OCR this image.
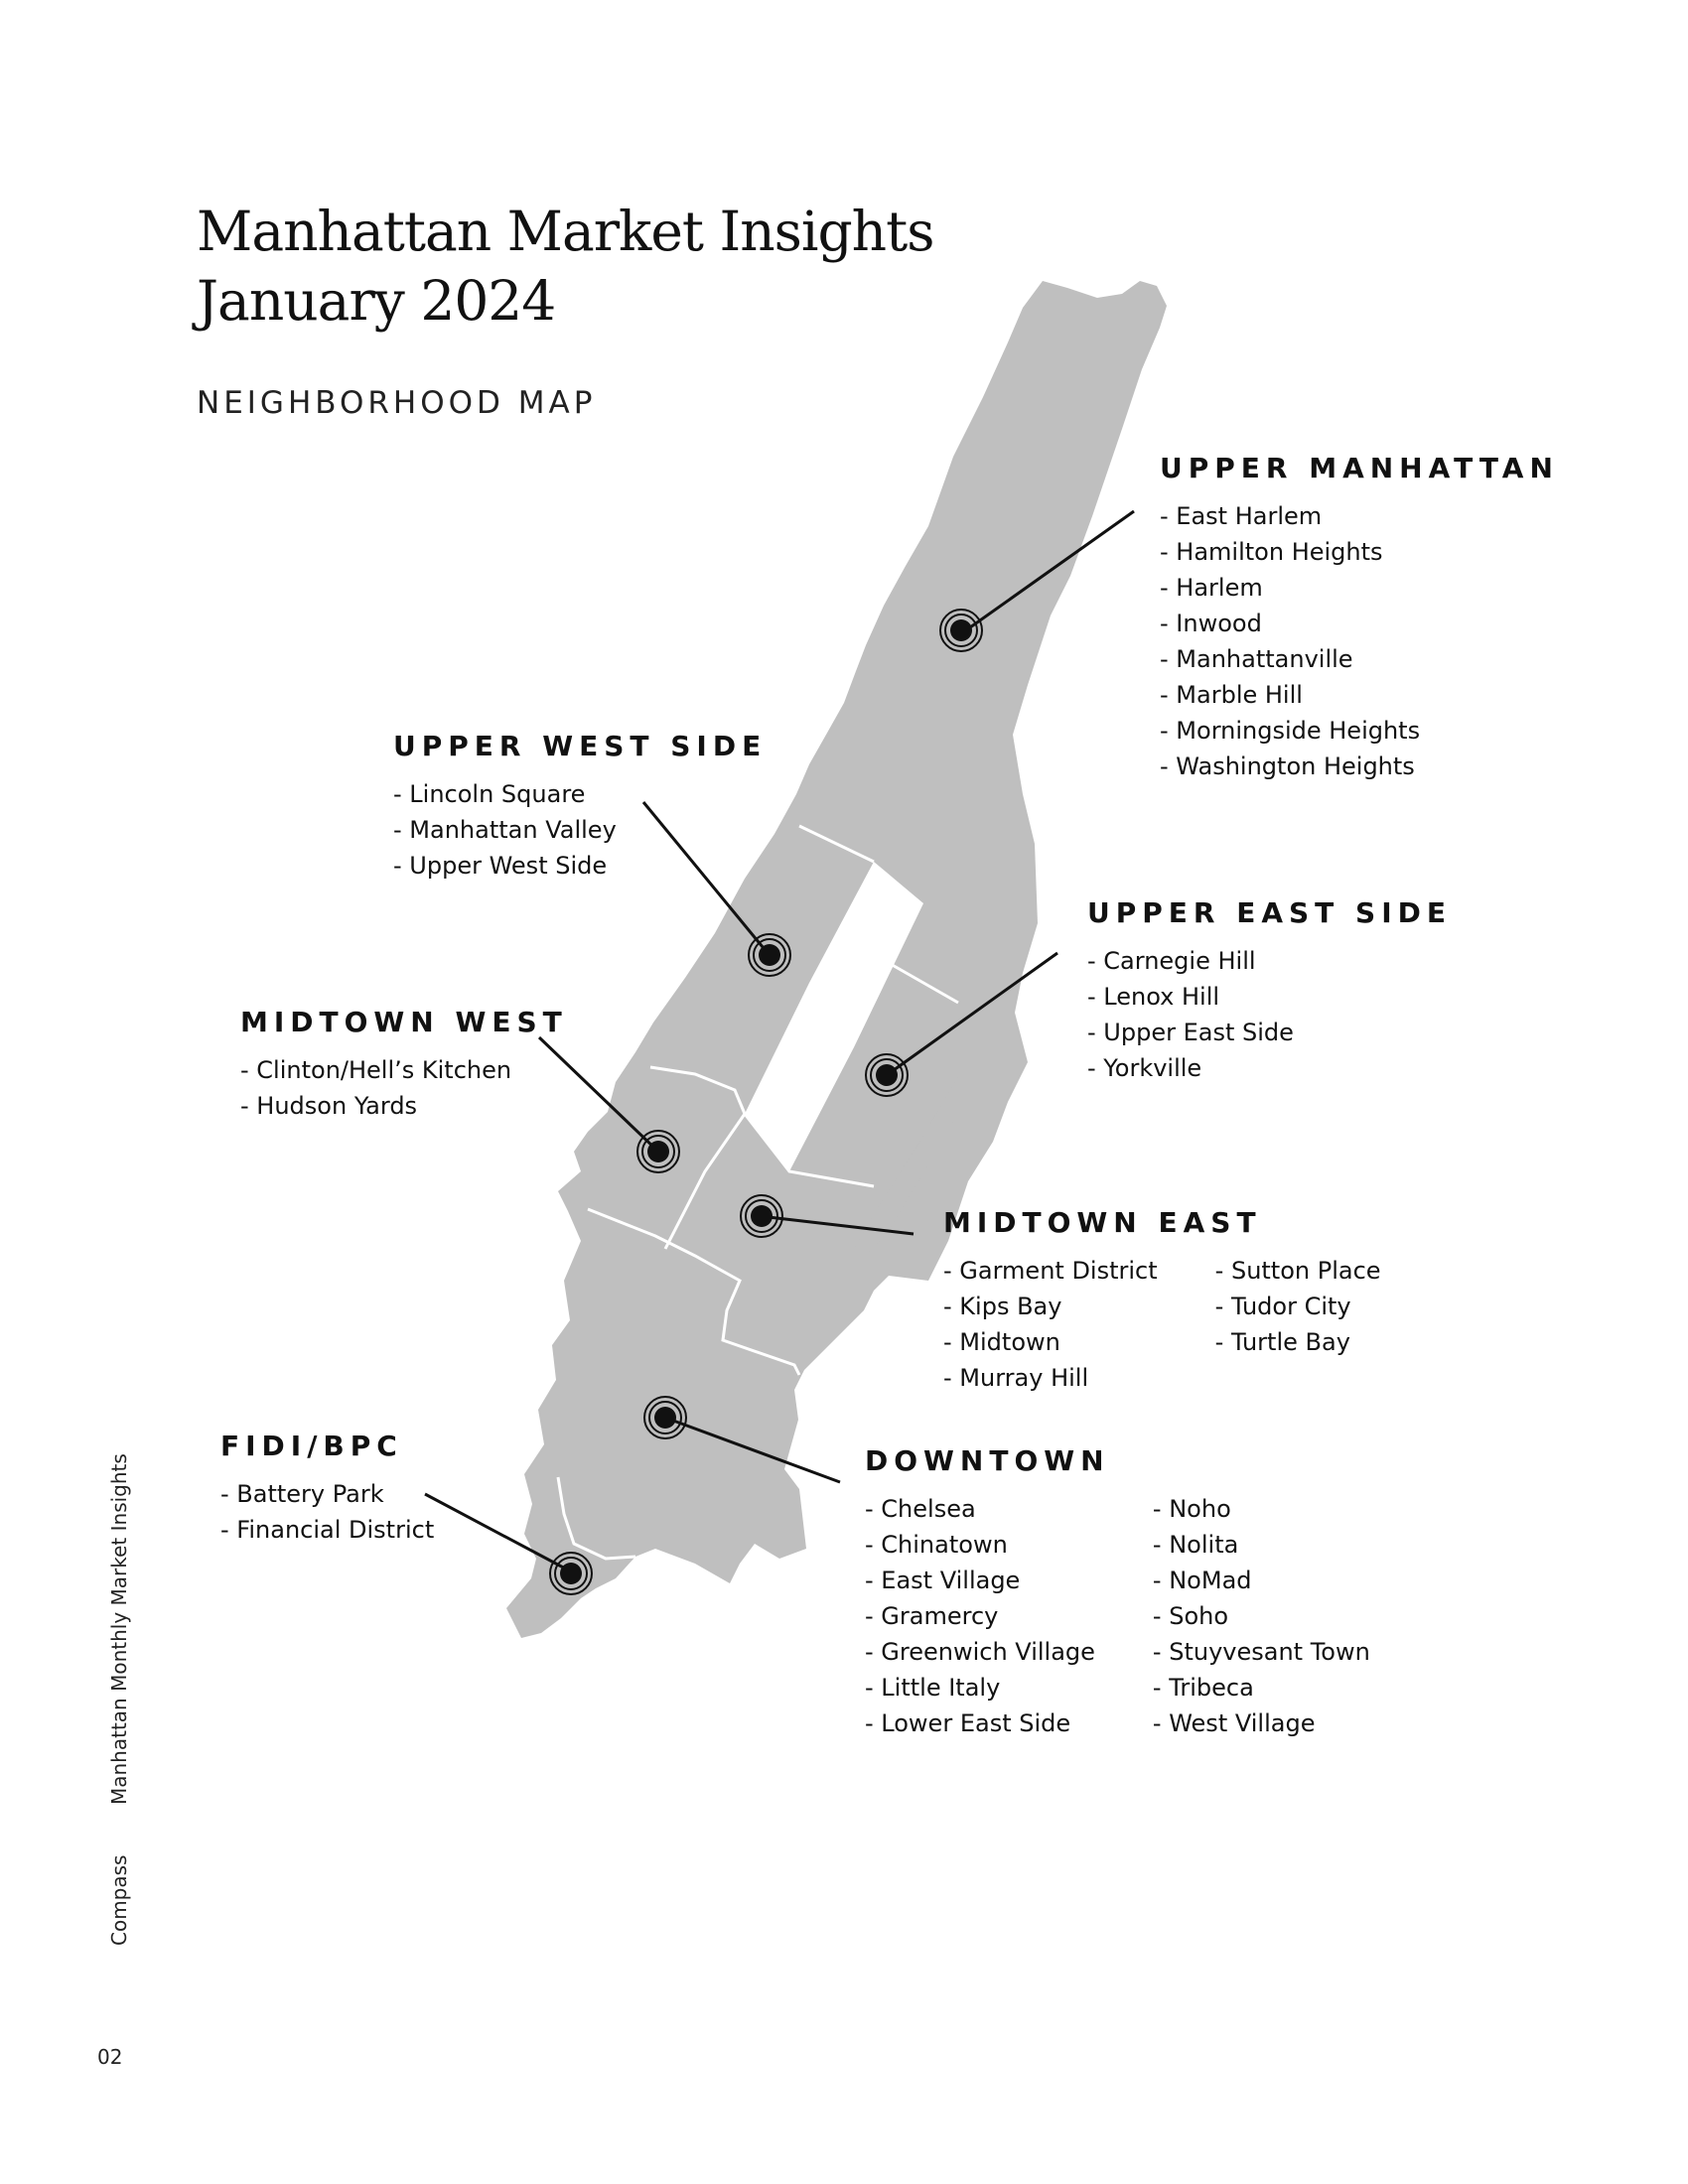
Manhattan Market Insights
January 2024
NEIGHBORHOOD MAP
UPPER MANHATTAN
- East Harlem
- Hamilton Heights
- Harlem
- Inwood
- Manhattanville
- Marble Hill
- Morningside Heights
- Washington Heights
UPPER WEST SIDE
- Lincoln Square
- Manhattan Valley
- Upper West Side
UPPER EAST SIDE
- Carnegie Hill
- Lenox Hill
- Upper East Side
- Yorkville
MIDTOWN WEST
- Clinton/Hell’s Kitchen
- Hudson Yards
MIDTOWN EAST
- Garment District
- Kips Bay
- Midtown
- Murray Hill
- Sutton Place
- Tudor City
- Turtle Bay
FIDI/BPC
- Battery Park
- Financial District
DOWNTOWN
- Chelsea
- Chinatown
- East Village
- Gramercy
- Greenwich Village
- Little Italy
- Lower East Side
- Noho
- Nolita
- NoMad
- Soho
- Stuyvesant Town
- Tribeca
- West Village
Manhattan Monthly Market Insights
Compass
02
